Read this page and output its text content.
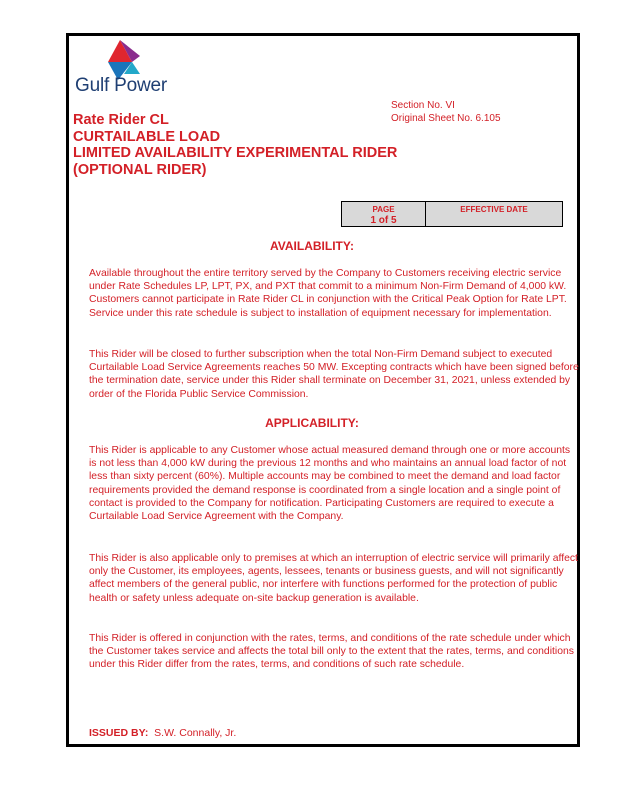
Gulf Power
Section No. VI
Original Sheet No. 6.105
Rate Rider CL
CURTAILABLE LOAD
LIMITED AVAILABILITY EXPERIMENTAL RIDER
(OPTIONAL RIDER)
PAGE
1 of 5
EFFECTIVE DATE
AVAILABILITY:
Available throughout the entire territory served by the Company to Customers receiving electric service under Rate Schedules LP, LPT, PX, and PXT that commit to a minimum Non-Firm Demand of 4,000 kW. Customers cannot participate in Rate Rider CL in conjunction with the Critical Peak Option for Rate LPT. Service under this rate schedule is subject to installation of equipment necessary for implementation.
This Rider will be closed to further subscription when the total Non-Firm Demand subject to executed Curtailable Load Service Agreements reaches 50 MW. Excepting contracts which have been signed before the termination date, service under this Rider shall terminate on December 31, 2021, unless extended by order of the Florida Public Service Commission.
APPLICABILITY:
This Rider is applicable to any Customer whose actual measured demand through one or more accounts is not less than 4,000 kW during the previous 12 months and who maintains an annual load factor of not less than sixty percent (60%). Multiple accounts may be combined to meet the demand and load factor requirements provided the demand response is coordinated from a single location and a single point of contact is provided to the Company for notification. Participating Customers are required to execute a Curtailable Load Service Agreement with the Company.
This Rider is also applicable only to premises at which an interruption of electric service will primarily affect only the Customer, its employees, agents, lessees, tenants or business guests, and will not significantly affect members of the general public, nor interfere with functions performed for the protection of public health or safety unless adequate on-site backup generation is available.
This Rider is offered in conjunction with the rates, terms, and conditions of the rate schedule under which the Customer takes service and affects the total bill only to the extent that the rates, terms, and conditions under this Rider differ from the rates, terms, and conditions of such rate schedule.
ISSUED BY: S.W. Connally, Jr.
